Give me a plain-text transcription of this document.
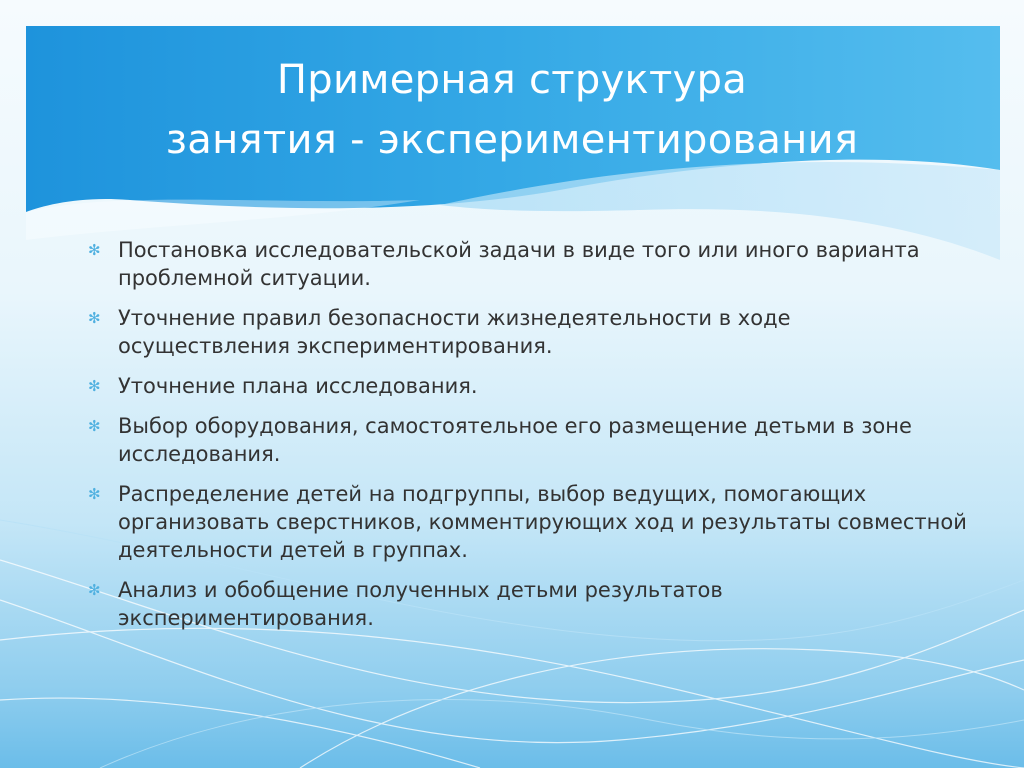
Примерная структура
занятия - экспериментирования
✻ Постановка исследовательской задачи в виде того или иного варианта проблемной ситуации.
✻ Уточнение правил безопасности жизнедеятельности в ходе осуществления экспериментирования.
✻ Уточнение плана исследования.
✻ Выбор оборудования, самостоятельное его размещение детьми в зоне исследования.
✻ Распределение детей на подгруппы, выбор ведущих, помогающих организовать сверстников, комментирующих ход и результаты совместной деятельности детей в группах.
✻ Анализ и обобщение полученных детьми результатов экспериментирования.
